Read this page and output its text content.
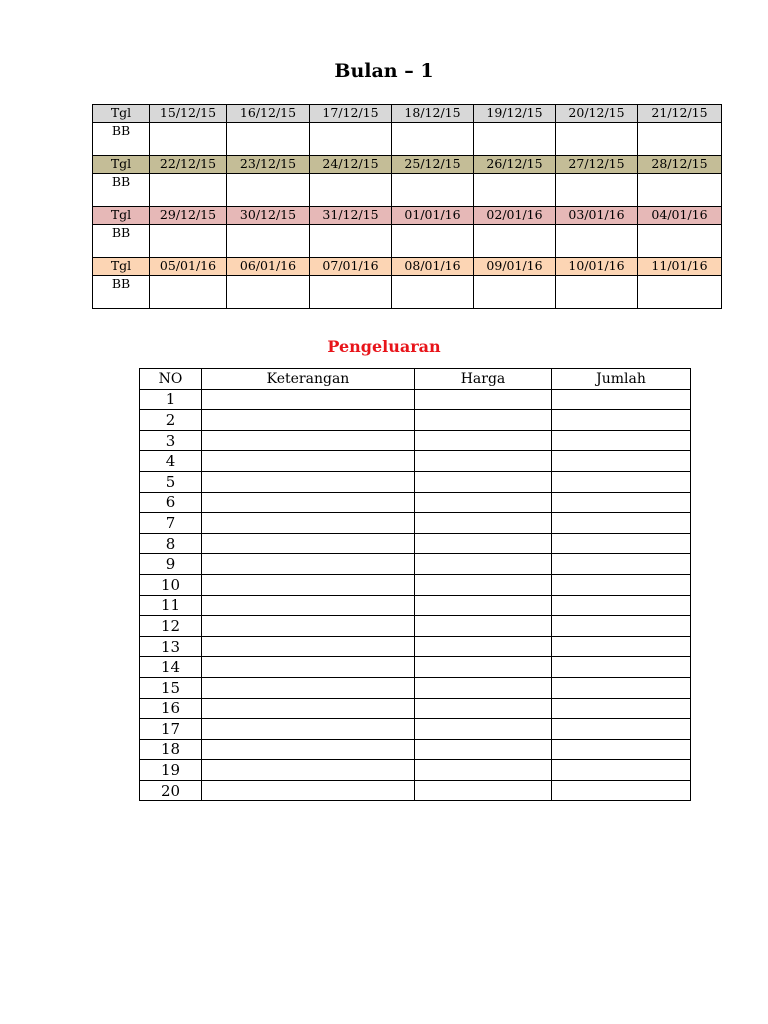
Bulan – 1
Tgl	15/12/15	16/12/15	17/12/15	18/12/15	19/12/15	20/12/15	21/12/15
BB							
Tgl	22/12/15	23/12/15	24/12/15	25/12/15	26/12/15	27/12/15	28/12/15
BB							
Tgl	29/12/15	30/12/15	31/12/15	01/01/16	02/01/16	03/01/16	04/01/16
BB							
Tgl	05/01/16	06/01/16	07/01/16	08/01/16	09/01/16	10/01/16	11/01/16
BB							
Pengeluaran
NO	Keterangan	Harga	Jumlah
1			
2			
3			
4			
5			
6			
7			
8			
9			
10			
11			
12			
13			
14			
15			
16			
17			
18			
19			
20			
